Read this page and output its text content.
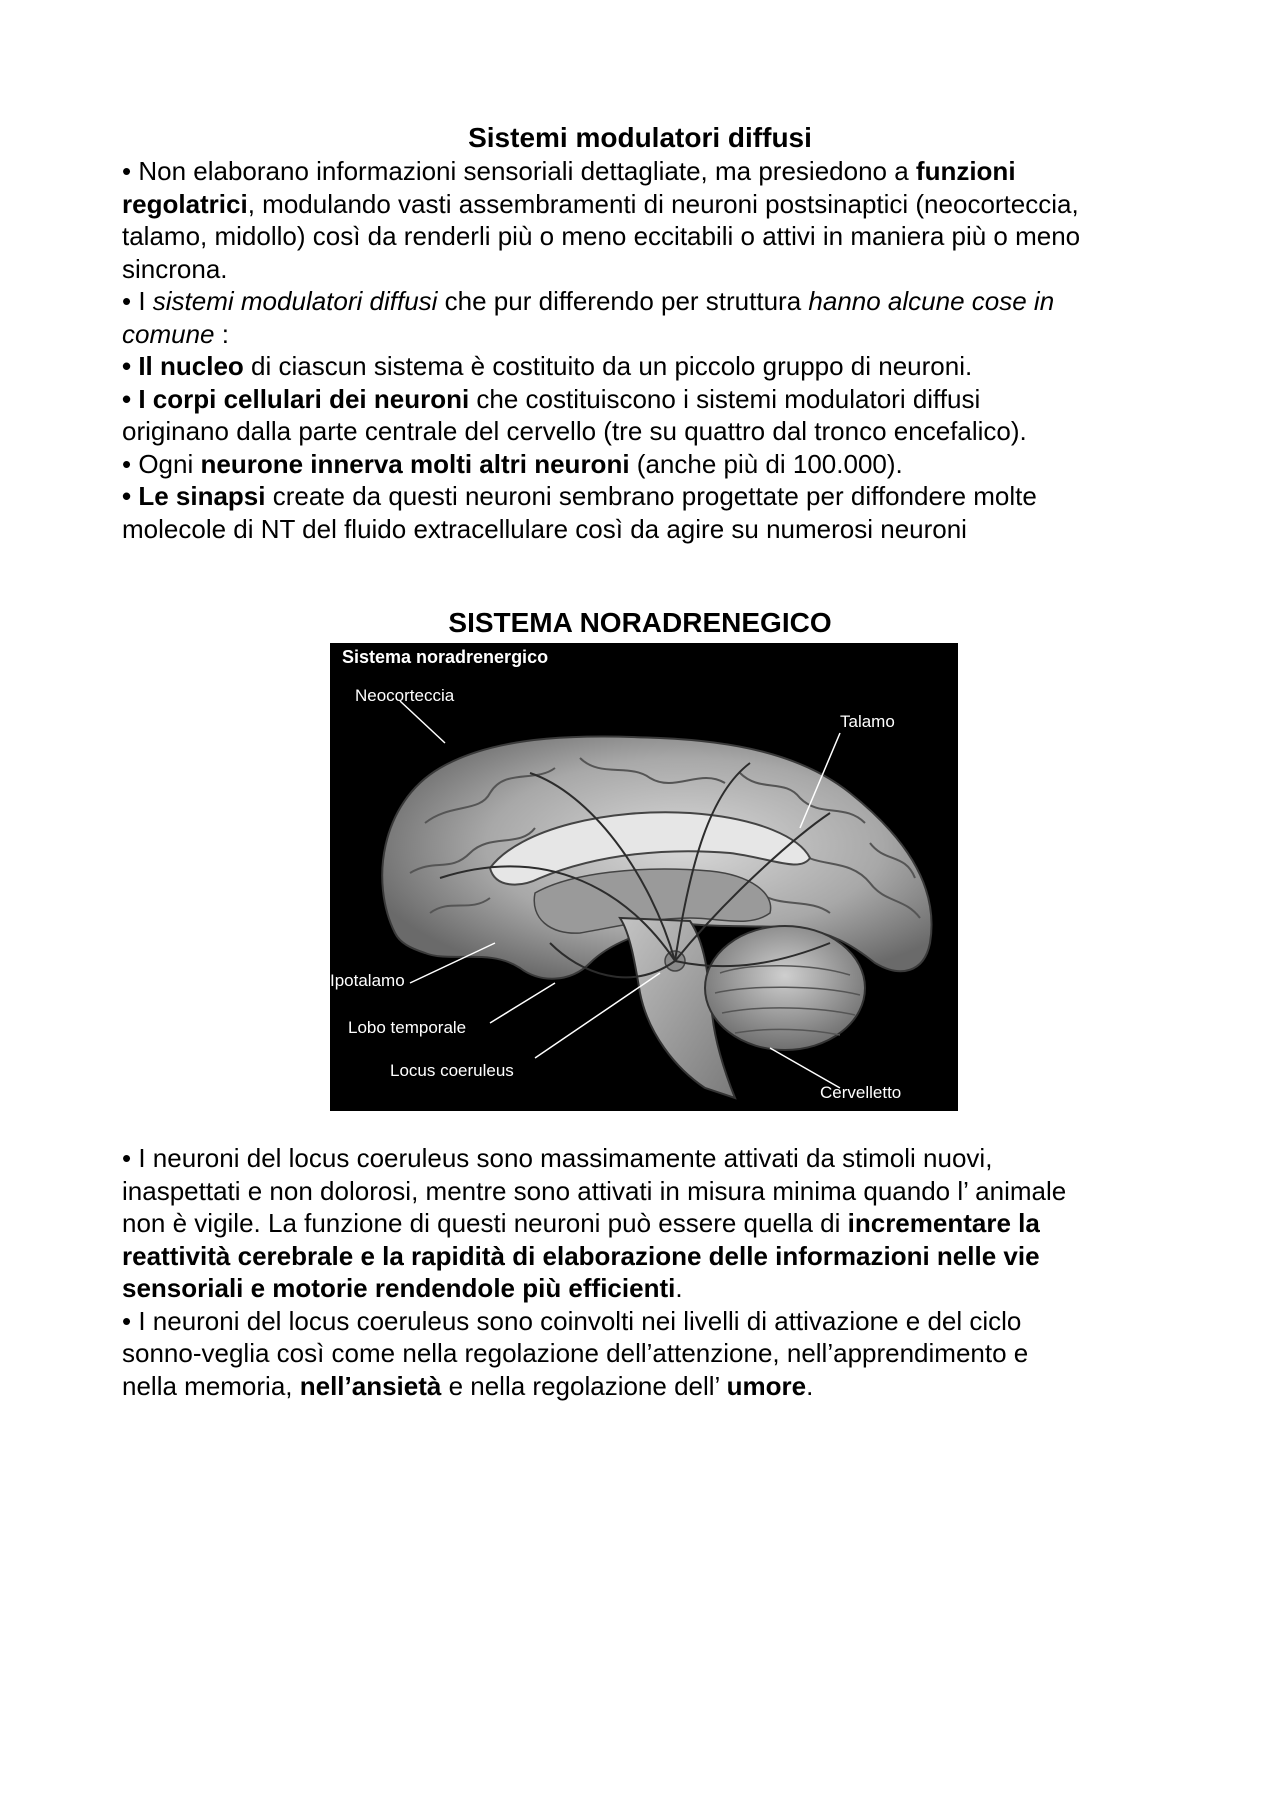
Sistemi modulatori diffusi
• Non elaborano informazioni sensoriali dettagliate, ma presiedono a funzioni
regolatrici, modulando vasti assembramenti di neuroni postsinaptici (neocorteccia,
talamo, midollo) così da renderli più o meno eccitabili o attivi in maniera più o meno
sincrona.
• I sistemi modulatori diffusi che pur differendo per struttura hanno alcune cose in
comune :
• Il nucleo di ciascun sistema è costituito da un piccolo gruppo di neuroni.
• I corpi cellulari dei neuroni che costituiscono i sistemi modulatori diffusi
originano dalla parte centrale del cervello (tre su quattro dal tronco encefalico).
• Ogni neurone innerva molti altri neuroni (anche più di 100.000).
• Le sinapsi create da questi neuroni sembrano progettate per diffondere molte
molecole di NT del fluido extracellulare così da agire su numerosi neuroni
SISTEMA NORADRENEGICO
Sistema noradrenergico
Neocorteccia
Talamo
Ipotalamo
Lobo temporale
Locus coeruleus
Cervelletto
• I neuroni del locus coeruleus sono massimamente attivati da stimoli nuovi,
inaspettati e non dolorosi, mentre sono attivati in misura minima quando l’ animale
non è vigile. La funzione di questi neuroni può essere quella di incrementare la
reattività cerebrale e la rapidità di elaborazione delle informazioni nelle vie
sensoriali e motorie rendendole più efficienti.
• I neuroni del locus coeruleus sono coinvolti nei livelli di attivazione e del ciclo
sonno-veglia così come nella regolazione dell’attenzione, nell’apprendimento e
nella memoria, nell’ansietà e nella regolazione dell’ umore.
